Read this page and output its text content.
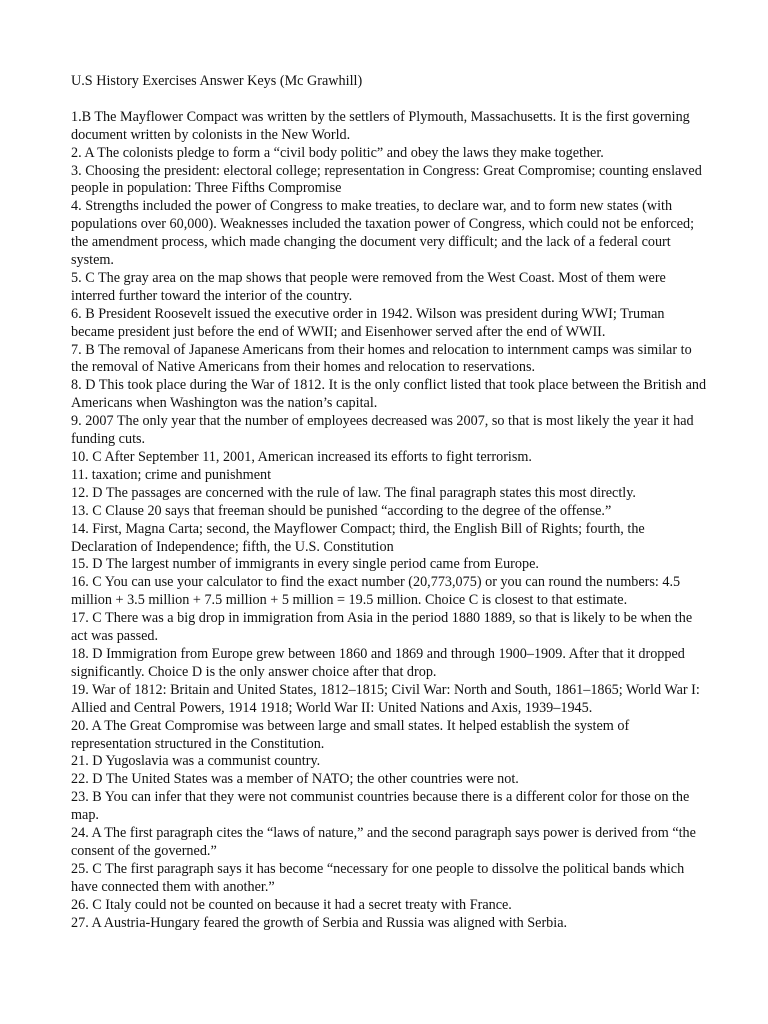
U.S History Exercises Answer Keys (Mc Grawhill)

1.B The Mayflower Compact was written by the settlers of Plymouth, Massachusetts. It is the first governing document written by colonists in the New World.
2. A The colonists pledge to form a “civil body politic” and obey the laws they make together.
3. Choosing the president: electoral college; representation in Congress: Great Compromise; counting enslaved people in population: Three Fifths Compromise
4. Strengths included the power of Congress to make treaties, to declare war, and to form new states (with populations over 60,000). Weaknesses included the taxation power of Congress, which could not be enforced; the amendment process, which made changing the document very difficult; and the lack of a federal court system.
5. C The gray area on the map shows that people were removed from the West Coast. Most of them were interred further toward the interior of the country.
6. B President Roosevelt issued the executive order in 1942. Wilson was president during WWI; Truman became president just before the end of WWII; and Eisenhower served after the end of WWII.
7. B The removal of Japanese Americans from their homes and relocation to internment camps was similar to the removal of Native Americans from their homes and relocation to reservations.
8. D This took place during the War of 1812. It is the only conflict listed that took place between the British and Americans when Washington was the nation’s capital.
9. 2007 The only year that the number of employees decreased was 2007, so that is most likely the year it had funding cuts.
10. C After September 11, 2001, American increased its efforts to fight terrorism.
11. taxation; crime and punishment
12. D The passages are concerned with the rule of law. The final paragraph states this most directly.
13. C Clause 20 says that freeman should be punished “according to the degree of the offense.”
14. First, Magna Carta; second, the Mayflower Compact; third, the English Bill of Rights; fourth, the Declaration of Independence; fifth, the U.S. Constitution
15. D The largest number of immigrants in every single period came from Europe.
16. C You can use your calculator to find the exact number (20,773,075) or you can round the numbers: 4.5 million + 3.5 million + 7.5 million + 5 million = 19.5 million. Choice C is closest to that estimate.
17. C There was a big drop in immigration from Asia in the period 1880 1889, so that is likely to be when the act was passed.
18. D Immigration from Europe grew between 1860 and 1869 and through 1900–1909. After that it dropped significantly. Choice D is the only answer choice after that drop.
19. War of 1812: Britain and United States, 1812–1815; Civil War: North and South, 1861–1865; World War I: Allied and Central Powers, 1914 1918; World War II: United Nations and Axis, 1939–1945.
20. A The Great Compromise was between large and small states. It helped establish the system of representation structured in the Constitution.
21. D Yugoslavia was a communist country.
22. D The United States was a member of NATO; the other countries were not.
23. B You can infer that they were not communist countries because there is a different color for those on the map.
24. A The first paragraph cites the “laws of nature,” and the second paragraph says power is derived from “the consent of the governed.”
25. C The first paragraph says it has become “necessary for one people to dissolve the political bands which have connected them with another.”
26. C Italy could not be counted on because it had a secret treaty with France.
27. A Austria-Hungary feared the growth of Serbia and Russia was aligned with Serbia.
